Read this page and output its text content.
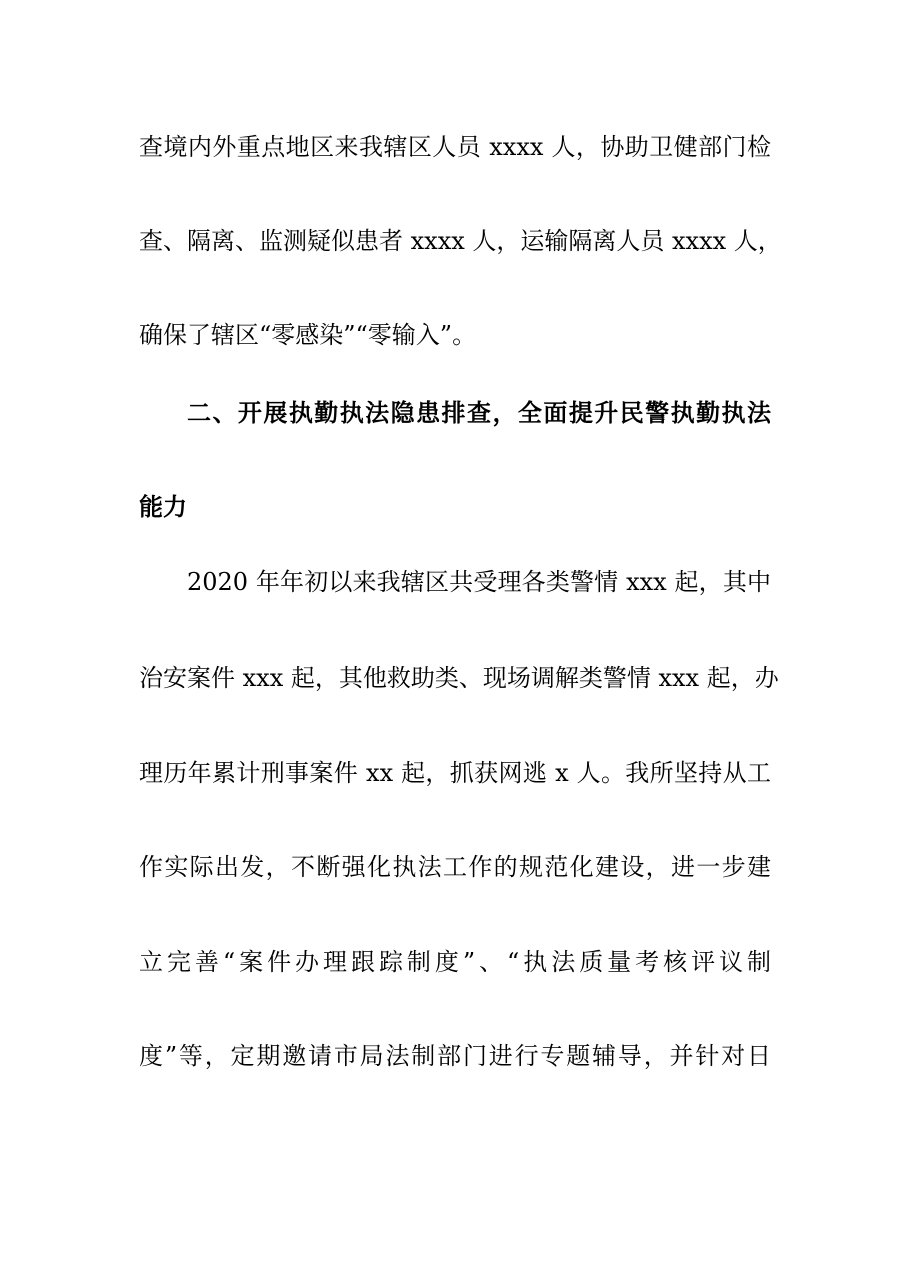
查境内外重点地区来我辖区人员 xxxx 人，协助卫健部门检
查、隔离、监测疑似患者 xxxx 人，运输隔离人员 xxxx 人，
确保了辖区“零感染”“零输入”。
二、开展执勤执法隐患排查，全面提升民警执勤执法
能力
2020 年年初以来我辖区共受理各类警情 xxx 起，其中
治安案件 xxx 起，其他救助类、现场调解类警情 xxx 起，办
理历年累计刑事案件 xx 起，抓获网逃 x 人。我所坚持从工
作实际出发，不断强化执法工作的规范化建设，进一步建
立完善“案件办理跟踪制度”、“执法质量考核评议制
度”等，定期邀请市局法制部门进行专题辅导，并针对日
